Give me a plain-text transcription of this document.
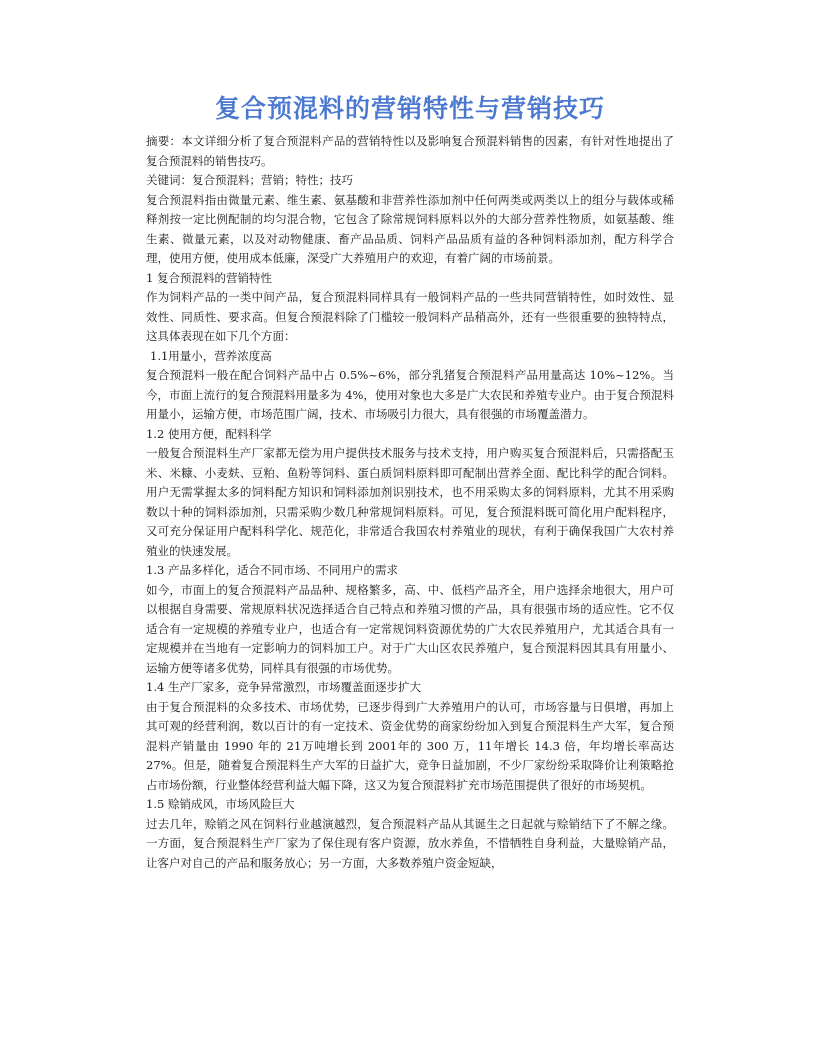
复合预混料的营销特性与营销技巧

摘要：本文详细分析了复合预混料产品的营销特性以及影响复合预混料销售的因素，有针对性地提出了复合预混料的销售技巧。

关键词：复合预混料；营销；特性；技巧

复合预混料指由微量元素、维生素、氨基酸和非营养性添加剂中任何两类或两类以上的组分与载体或稀释剂按一定比例配制的均匀混合物，它包含了除常规饲料原料以外的大部分营养性物质，如氨基酸、维生素、微量元素，以及对动物健康、畜产品品质、饲料产品品质有益的各种饲料添加剂，配方科学合理，使用方便，使用成本低廉，深受广大养殖用户的欢迎，有着广阔的市场前景。

1 复合预混料的营销特性

作为饲料产品的一类中间产品，复合预混料同样具有一般饲料产品的一些共同营销特性，如时效性、显效性、同质性、要求高。但复合预混料除了门槛较一般饲料产品稍高外，还有一些很重要的独特特点，这具体表现在如下几个方面：

1.1用量小，营养浓度高

复合预混料一般在配合饲料产品中占 0.5%~6%，部分乳猪复合预混料产品用量高达 10%~12%。当今，市面上流行的复合预混料用量多为 4%，使用对象也大多是广大农民和养殖专业户。由于复合预混料用量小，运输方便，市场范围广阔，技术、市场吸引力很大，具有很强的市场覆盖潜力。

1.2 使用方便，配料科学

一般复合预混料生产厂家都无偿为用户提供技术服务与技术支持，用户购买复合预混料后，只需搭配玉米、米糠、小麦麸、豆粕、鱼粉等饲料、蛋白质饲料原料即可配制出营养全面、配比科学的配合饲料。用户无需掌握太多的饲料配方知识和饲料添加剂识别技术，也不用采购太多的饲料原料，尤其不用采购数以十种的饲料添加剂，只需采购少数几种常规饲料原料。可见，复合预混料既可简化用户配料程序，又可充分保证用户配料科学化、规范化，非常适合我国农村养殖业的现状，有利于确保我国广大农村养殖业的快速发展。

1.3 产品多样化，适合不同市场、不同用户的需求

如今，市面上的复合预混料产品品种、规格繁多，高、中、低档产品齐全，用户选择余地很大，用户可以根据自身需要、常规原料状况选择适合自己特点和养殖习惯的产品，具有很强市场的适应性。它不仅适合有一定规模的养殖专业户，也适合有一定常规饲料资源优势的广大农民养殖用户，尤其适合具有一定规模并在当地有一定影响力的饲料加工户。对于广大山区农民养殖户，复合预混料因其具有用量小、运输方便等诸多优势，同样具有很强的市场优势。

1.4 生产厂家多，竞争异常激烈，市场覆盖面逐步扩大

由于复合预混料的众多技术、市场优势，已逐步得到广大养殖用户的认可，市场容量与日俱增，再加上其可观的经营利润，数以百计的有一定技术、资金优势的商家纷纷加入到复合预混料生产大军，复合预混料产销量由 1990 年的 21万吨增长到 2001年的 300 万，11年增长 14.3 倍，年均增长率高达 27%。但是，随着复合预混料生产大军的日益扩大，竞争日益加剧，不少厂家纷纷采取降价让利策略抢占市场份额，行业整体经营利益大幅下降，这又为复合预混料扩充市场范围提供了很好的市场契机。

1.5 赊销成风，市场风险巨大

过去几年，赊销之风在饲料行业越演越烈，复合预混料产品从其诞生之日起就与赊销结下了不解之缘。一方面，复合预混料生产厂家为了保住现有客户资源，放水养鱼，不惜牺牲自身利益，大量赊销产品，让客户对自己的产品和服务放心；另一方面，大多数养殖户资金短缺，
